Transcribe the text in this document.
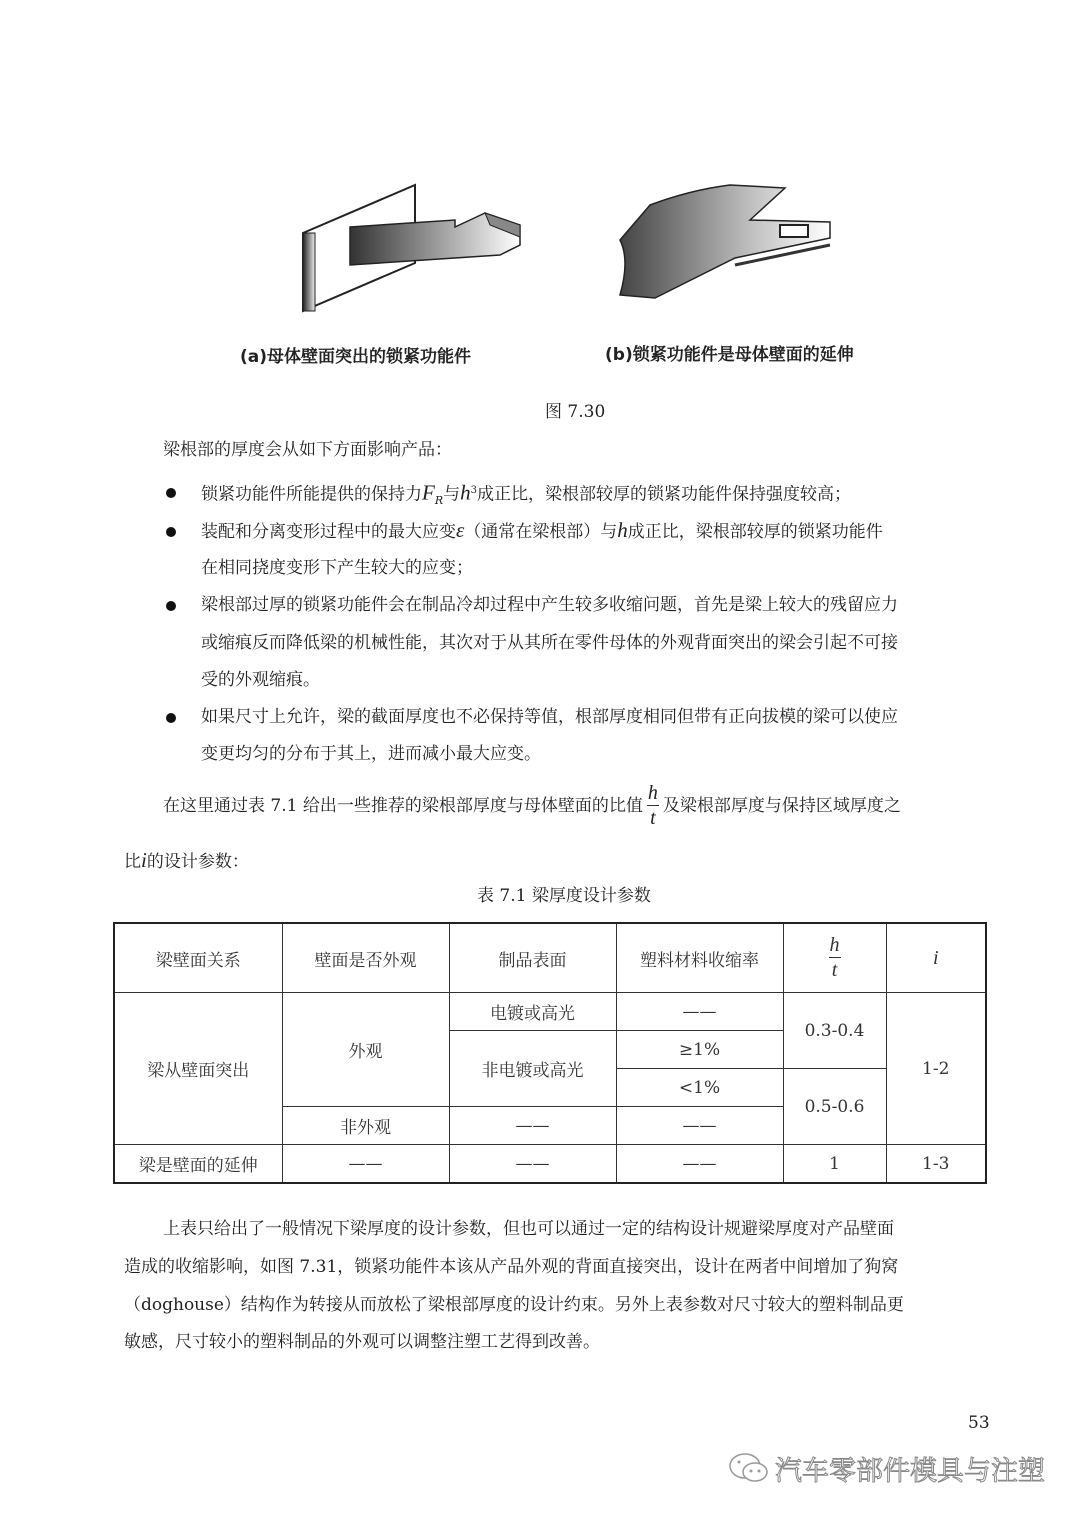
(a)母体壁面突出的锁紧功能件	(b)锁紧功能件是母体壁面的延伸
图 7.30
梁根部的厚度会从如下方面影响产品：
锁紧功能件所能提供的保持力$F_R$与$h^3$成正比，梁根部较厚的锁紧功能件保持强度较高；
装配和分离变形过程中的最大应变ε（通常在梁根部）与h成正比，梁根部较厚的锁紧功能件
在相同挠度变形下产生较大的应变；
梁根部过厚的锁紧功能件会在制品冷却过程中产生较多收缩问题，首先是梁上较大的残留应力
或缩痕反而降低梁的机械性能，其次对于从其所在零件母体的外观背面突出的梁会引起不可接
受的外观缩痕。
如果尺寸上允许，梁的截面厚度也不必保持等值，根部厚度相同但带有正向拔模的梁可以使应
变更均匀的分布于其上，进而减小最大应变。
在这里通过表 7.1 给出一些推荐的梁根部厚度与母体壁面的比值 $\frac{h}{t}$ 及梁根部厚度与保持区域厚度之
比i的设计参数：
表 7.1 梁厚度设计参数
梁壁面关系	壁面是否外观	制品表面	塑料材料收缩率	$\frac{h}{t}$	i
梁从壁面突出	外观	电镀或高光	——	0.3-0.4	1-2
		非电镀或高光	≥1%		
			<1%	0.5-0.6	
	非外观	——	——		
梁是壁面的延伸	——	——	——	1	1-3
上表只给出了一般情况下梁厚度的设计参数，但也可以通过一定的结构设计规避梁厚度对产品壁面
造成的收缩影响，如图 7.31，锁紧功能件本该从产品外观的背面直接突出，设计在两者中间增加了狗窝
（doghouse）结构作为转接从而放松了梁根部厚度的设计约束。另外上表参数对尺寸较大的塑料制品更
敏感，尺寸较小的塑料制品的外观可以调整注塑工艺得到改善。
53
汽车零部件模具与注塑
